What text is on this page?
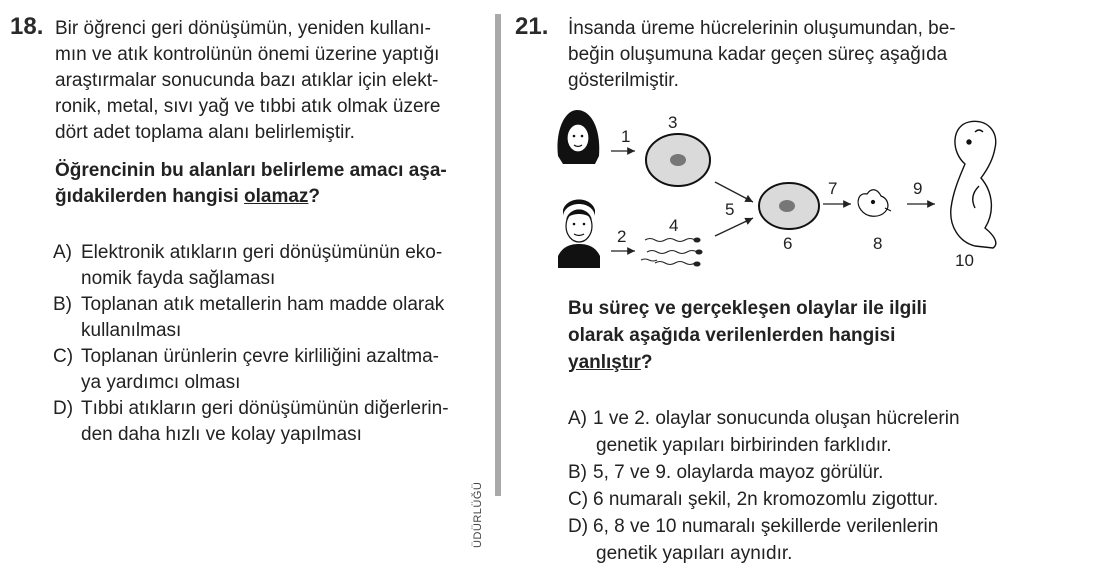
18. Bir öğrenci geri dönüşümün, yeniden kullanı-
mın ve atık kontrolünün önemi üzerine yaptığı
araştırmalar sonucunda bazı atıklar için elekt-
ronik, metal, sıvı yağ ve tıbbi atık olmak üzere
dört adet toplama alanı belirlemiştir.
Öğrencinin bu alanları belirleme amacı aşa-
ğıdakilerden hangisi olamaz?
A) Elektronik atıkların geri dönüşümünün eko-
nomik fayda sağlaması
B) Toplanan atık metallerin ham madde olarak
kullanılması
C) Toplanan ürünlerin çevre kirliliğini azaltma-
ya yardımcı olması
D) Tıbbi atıkların geri dönüşümünün diğerlerin-
den daha hızlı ve kolay yapılması
ÜDÜRLÜĞÜ
21. İnsanda üreme hücrelerinin oluşumundan, be-
beğin oluşumuna kadar geçen süreç aşağıda
gösterilmiştir.
1
3
2
4
5
6
7
8
9
10
Bu süreç ve gerçekleşen olaylar ile ilgili
olarak aşağıda verilenlerden hangisi
yanlıştır?
A) 1 ve 2. olaylar sonucunda oluşan hücrelerin
genetik yapıları birbirinden farklıdır.
B) 5, 7 ve 9. olaylarda mayoz görülür.
C) 6 numaralı şekil, 2n kromozomlu zigottur.
D) 6, 8 ve 10 numaralı şekillerde verilenlerin
genetik yapıları aynıdır.
